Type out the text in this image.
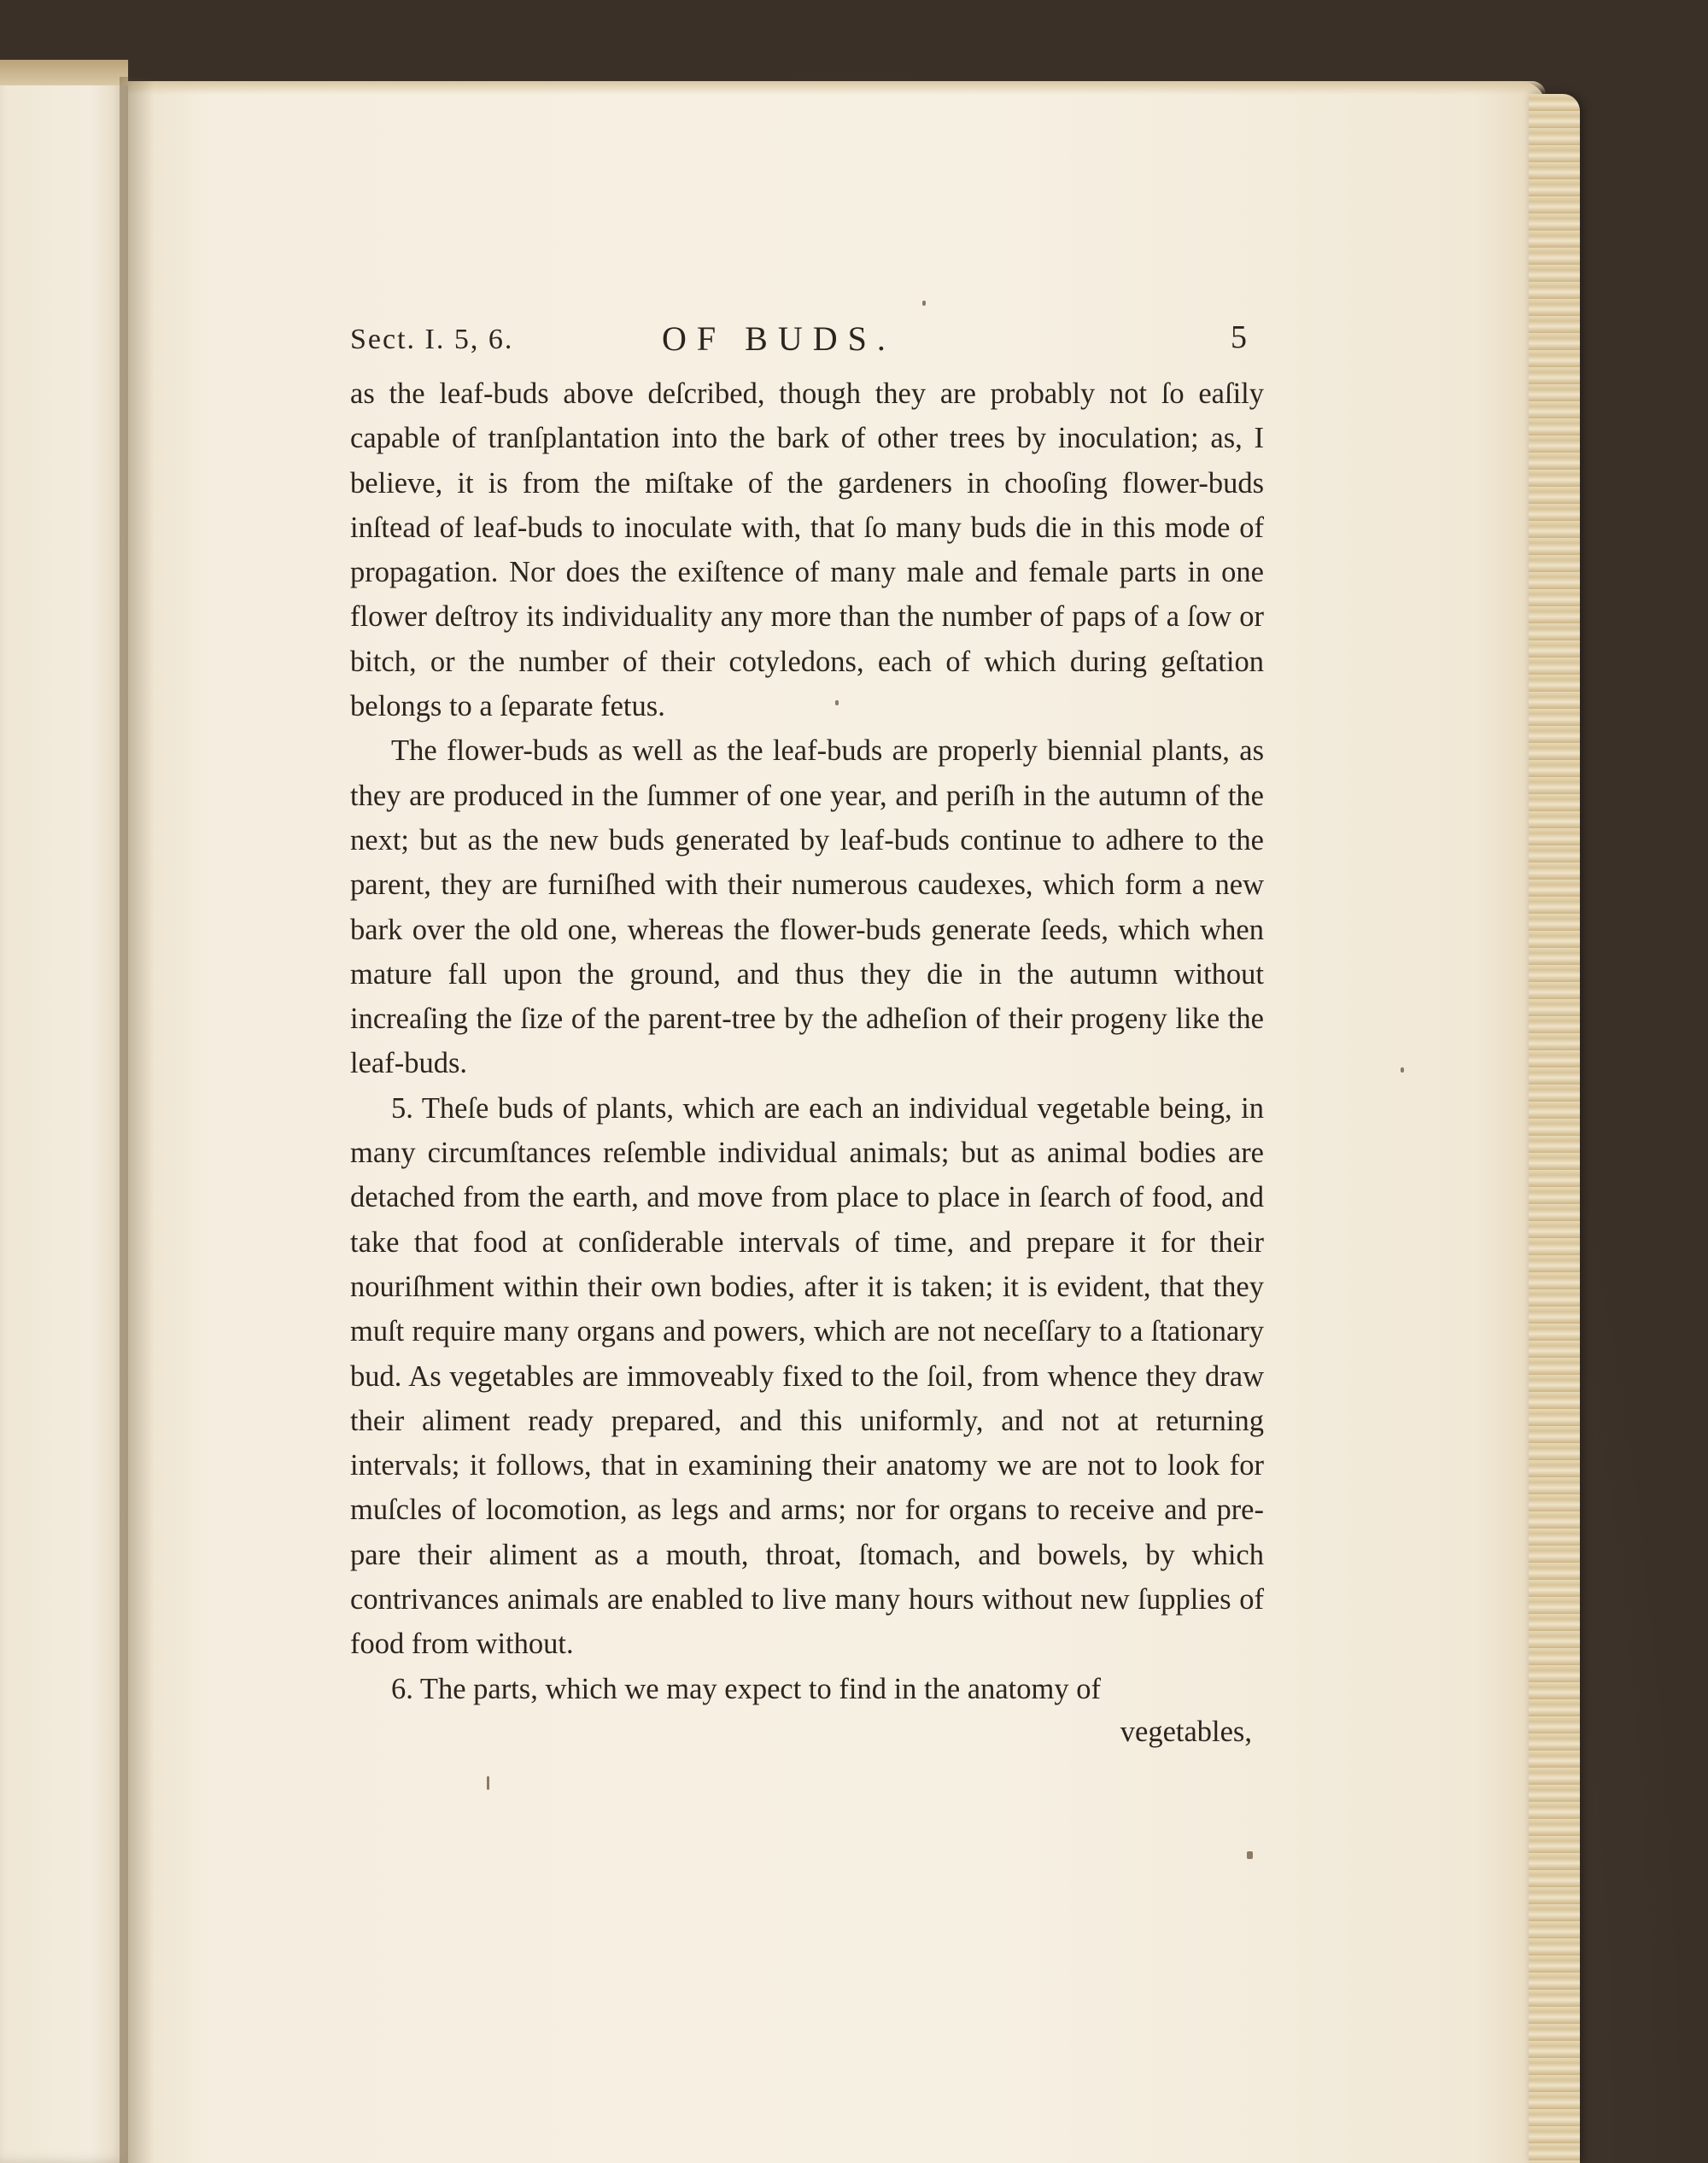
Sect. I. 5, 6.	OF BUDS.	5

as the leaf-buds above deſcribed, though they are probably not ſo eaſily capable of tranſplantation into the bark of other trees by inoculation; as, I believe, it is from the miſtake of the gardeners in chooſing flower-buds inſtead of leaf-buds to inoculate with, that ſo many buds die in this mode of propagation. Nor does the exiſtence of many male and female parts in one flower deſtroy its individuality any more than the number of paps of a ſow or bitch, or the number of their cotyledons, each of which during geſtation belongs to a ſeparate fetus.

The flower-buds as well as the leaf-buds are properly biennial plants, as they are produced in the ſummer of one year, and periſh in the autumn of the next; but as the new buds generated by leaf-buds continue to adhere to the parent, they are furniſhed with their numerous caudexes, which form a new bark over the old one, whereas the flower-buds generate ſeeds, which when mature fall upon the ground, and thus they die in the autumn without increaſing the ſize of the parent-tree by the adheſion of their progeny like the leaf-buds.

5. Theſe buds of plants, which are each an individual vegetable being, in many circumſtances reſemble individual animals; but as animal bodies are detached from the earth, and move from place to place in ſearch of food, and take that food at conſiderable intervals of time, and prepare it for their nouriſhment within their own bodies, after it is taken; it is evident, that they muſt require many organs and powers, which are not neceſſary to a ſtationary bud. As vegetables are immoveably fixed to the ſoil, from whence they draw their aliment ready prepared, and this uniformly, and not at returning intervals; it follows, that in examining their anatomy we are not to look for muſcles of locomotion, as legs and arms; nor for organs to receive and prepare their aliment as a mouth, throat, ſtomach, and bowels, by which contrivances animals are enabled to live many hours without new ſupplies of food from without.

6. The parts, which we may expect to find in the anatomy of

vegetables,
